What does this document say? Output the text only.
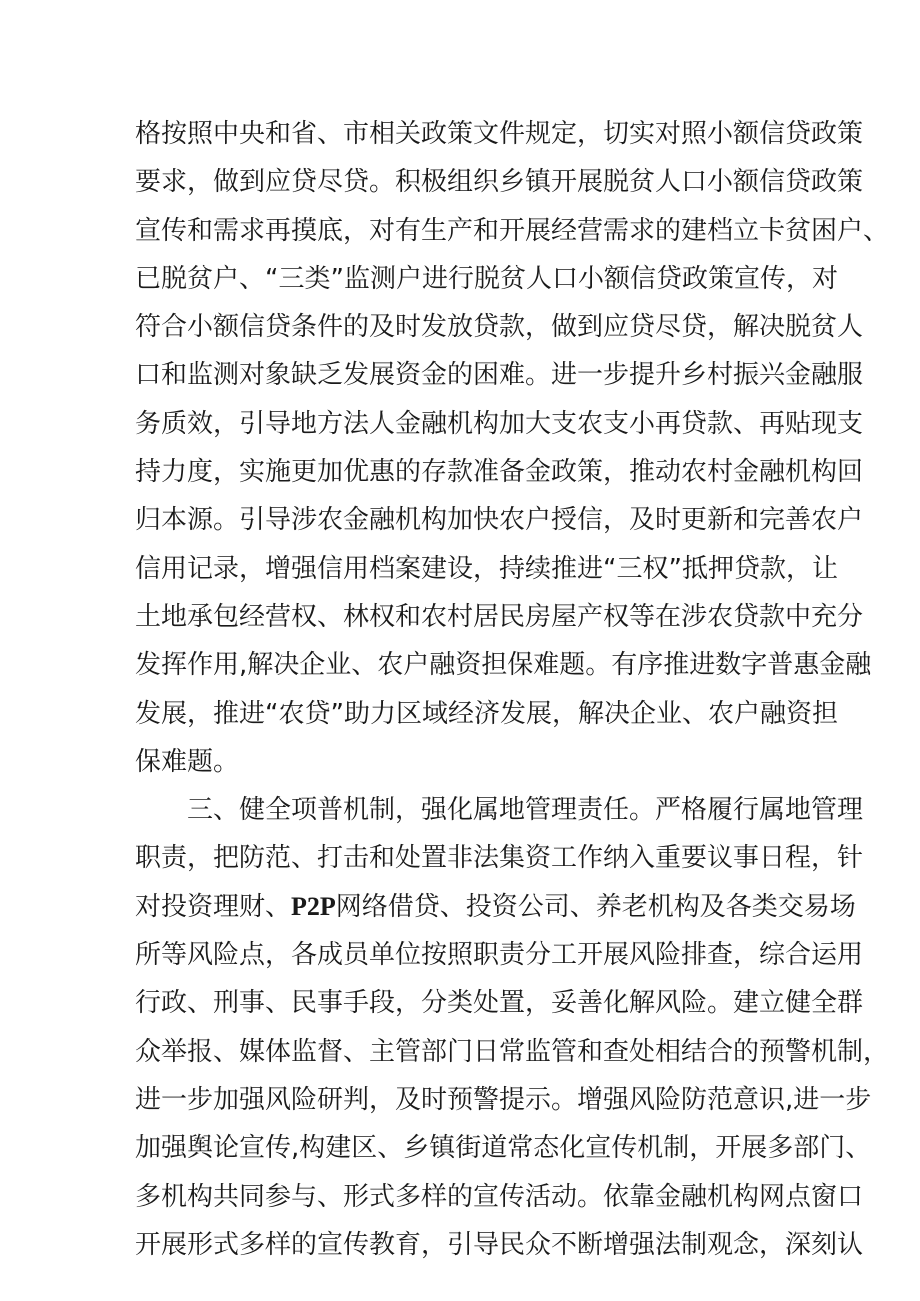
格按照中央和省、市相关政策文件规定，切实对照小额信贷政策
要求，做到应贷尽贷。积极组织乡镇开展脱贫人口小额信贷政策
宣传和需求再摸底，对有生产和开展经营需求的建档立卡贫困户、
已脱贫户、“三类”监测户进行脱贫人口小额信贷政策宣传，对
符合小额信贷条件的及时发放贷款，做到应贷尽贷，解决脱贫人
口和监测对象缺乏发展资金的困难。进一步提升乡村振兴金融服
务质效，引导地方法人金融机构加大支农支小再贷款、再贴现支
持力度，实施更加优惠的存款准备金政策，推动农村金融机构回
归本源。引导涉农金融机构加快农户授信，及时更新和完善农户
信用记录，增强信用档案建设，持续推进“三权”抵押贷款，让
土地承包经营权、林权和农村居民房屋产权等在涉农贷款中充分
发挥作用,解决企业、农户融资担保难题。有序推进数字普惠金融
发展，推进“农贷”助力区域经济发展，解决企业、农户融资担
保难题。
三、健全项普机制，强化属地管理责任。严格履行属地管理
职责，把防范、打击和处置非法集资工作纳入重要议事日程，针
对投资理财、P2P网络借贷、投资公司、养老机构及各类交易场
所等风险点，各成员单位按照职责分工开展风险排查，综合运用
行政、刑事、民事手段，分类处置，妥善化解风险。建立健全群
众举报、媒体监督、主管部门日常监管和查处相结合的预警机制，
进一步加强风险研判，及时预警提示。增强风险防范意识,进一步
加强舆论宣传,构建区、乡镇街道常态化宣传机制，开展多部门、
多机构共同参与、形式多样的宣传活动。依靠金融机构网点窗口
开展形式多样的宣传教育，引导民众不断增强法制观念，深刻认
